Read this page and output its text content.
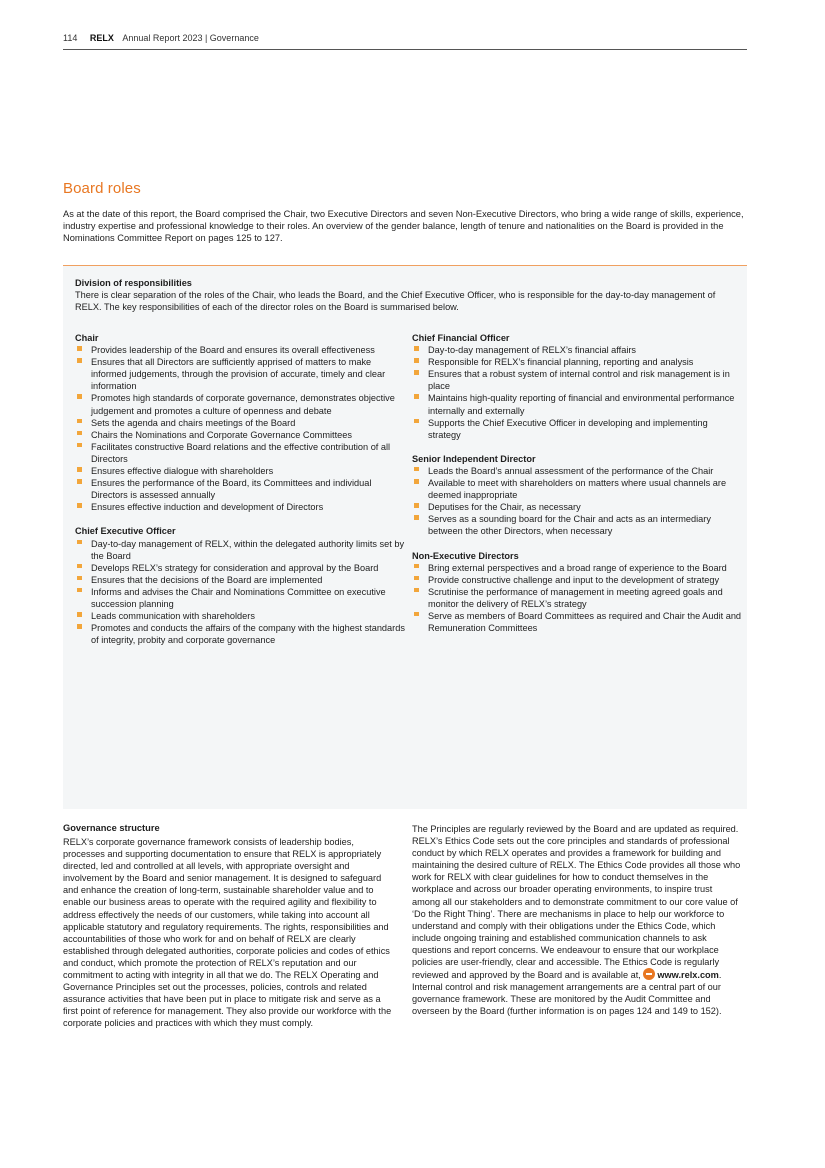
114 RELX Annual Report 2023 | Governance
Board roles

As at the date of this report, the Board comprised the Chair, two Executive Directors and seven Non-Executive Directors, who bring a wide range of skills, experience, industry expertise and professional knowledge to their roles. An overview of the gender balance, length of tenure and nationalities on the Board is provided in the Nominations Committee Report on pages 125 to 127.

Division of responsibilities
There is clear separation of the roles of the Chair, who leads the Board, and the Chief Executive Officer, who is responsible for the day-to-day management of RELX. The key responsibilities of each of the director roles on the Board is summarised below.
Chair
Provides leadership of the Board and ensures its overall effectiveness
Ensures that all Directors are sufficiently apprised of matters to make informed judgements, through the provision of accurate, timely and clear information
Promotes high standards of corporate governance, demonstrates objective judgement and promotes a culture of openness and debate
Sets the agenda and chairs meetings of the Board
Chairs the Nominations and Corporate Governance Committees
Facilitates constructive Board relations and the effective contribution of all Directors
Ensures effective dialogue with shareholders
Ensures the performance of the Board, its Committees and individual Directors is assessed annually
Ensures effective induction and development of Directors
Chief Executive Officer
Day-to-day management of RELX, within the delegated authority limits set by the Board
Develops RELX’s strategy for consideration and approval by the Board
Ensures that the decisions of the Board are implemented
Informs and advises the Chair and Nominations Committee on executive succession planning
Leads communication with shareholders
Promotes and conducts the affairs of the company with the highest standards of integrity, probity and corporate governance
Chief Financial Officer
Day-to-day management of RELX’s financial affairs
Responsible for RELX’s financial planning, reporting and analysis
Ensures that a robust system of internal control and risk management is in place
Maintains high-quality reporting of financial and environmental performance internally and externally
Supports the Chief Executive Officer in developing and implementing strategy
Senior Independent Director
Leads the Board’s annual assessment of the performance of the Chair
Available to meet with shareholders on matters where usual channels are deemed inappropriate
Deputises for the Chair, as necessary
Serves as a sounding board for the Chair and acts as an intermediary between the other Directors, when necessary
Non-Executive Directors
Bring external perspectives and a broad range of experience to the Board
Provide constructive challenge and input to the development of strategy
Scrutinise the performance of management in meeting agreed goals and monitor the delivery of RELX’s strategy
Serve as members of Board Committees as required and Chair the Audit and Remuneration Committees
Governance structure

RELX’s corporate governance framework consists of leadership bodies, processes and supporting documentation to ensure that RELX is appropriately directed, led and controlled at all levels, with appropriate oversight and involvement by the Board and senior management. It is designed to safeguard and enhance the creation of long-term, sustainable shareholder value and to enable our business areas to operate with the required agility and flexibility to address effectively the needs of our customers, while taking into account all applicable statutory and regulatory requirements. The rights, responsibilities and accountabilities of those who work for and on behalf of RELX are clearly established through delegated authorities, corporate policies and codes of ethics and conduct, which promote the protection of RELX’s reputation and our commitment to acting with integrity in all that we do. The RELX Operating and Governance Principles set out the processes, policies, controls and related assurance activities that have been put in place to mitigate risk and serve as a first point of reference for management. They also provide our workforce with the corporate policies and practices with which they must comply.

The Principles are regularly reviewed by the Board and are updated as required. RELX’s Ethics Code sets out the core principles and standards of professional conduct by which RELX operates and provides a framework for building and maintaining the desired culture of RELX. The Ethics Code provides all those who work for RELX with clear guidelines for how to conduct themselves in the workplace and across our broader operating environments, to inspire trust among all our stakeholders and to demonstrate commitment to our core value of ‘Do the Right Thing’. There are mechanisms in place to help our workforce to understand and comply with their obligations under the Ethics Code, which include ongoing training and established communication channels to ask questions and report concerns. We endeavour to ensure that our workplace policies are user-friendly, clear and accessible. The Ethics Code is regularly reviewed and approved by the Board and is available at, www.relx.com. Internal control and risk management arrangements are a central part of our governance framework. These are monitored by the Audit Committee and overseen by the Board (further information is on pages 124 and 149 to 152).
